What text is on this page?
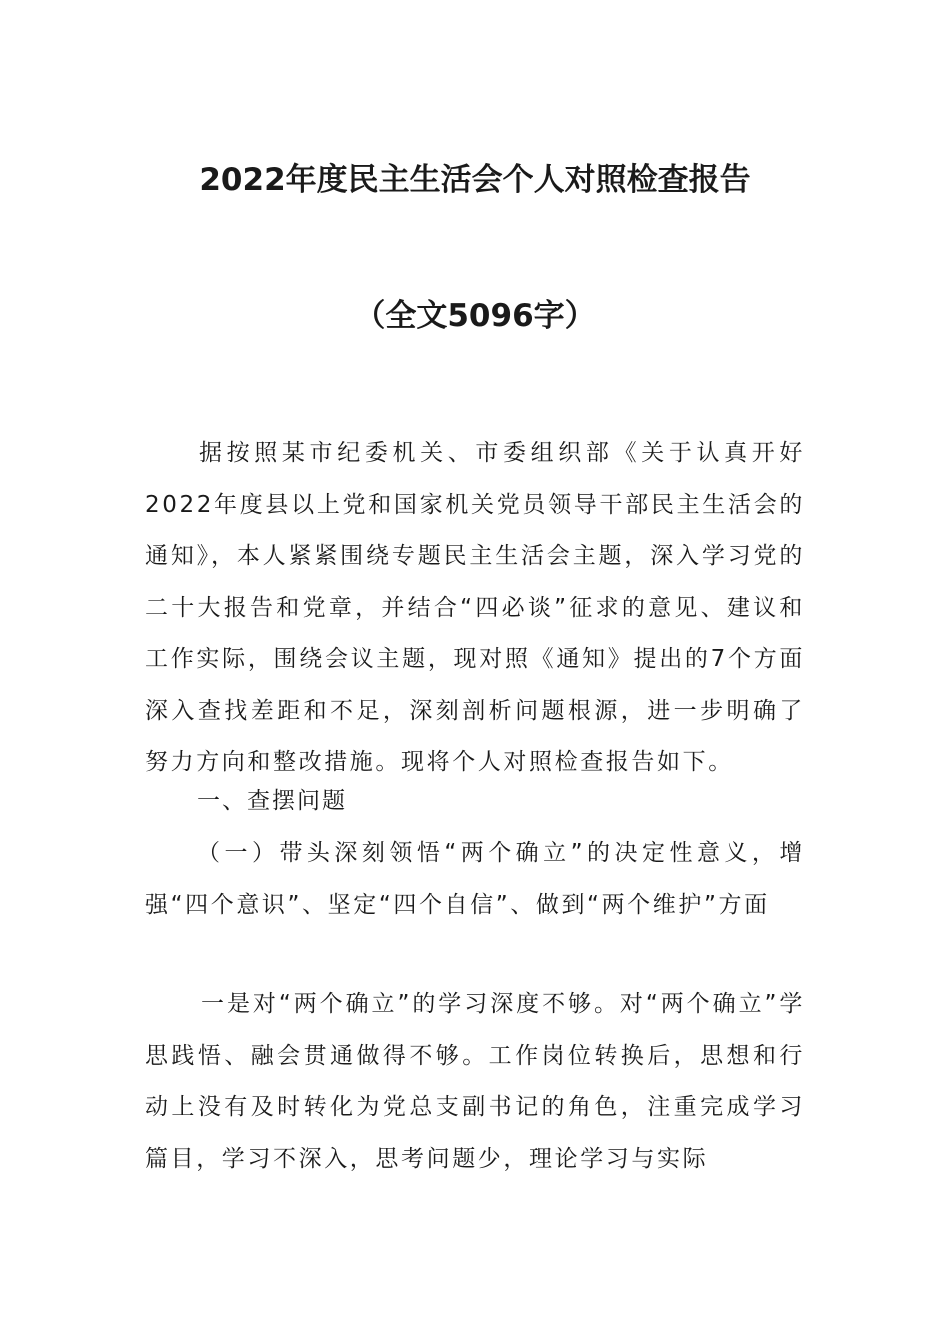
2022年度民主生活会个人对照检查报告
（全文5096字）

据按照某市纪委机关、市委组织部《关于认真开好2022年度县以上党和国家机关党员领导干部民主生活会的通知》，本人紧紧围绕专题民主生活会主题，深入学习党的二十大报告和党章，并结合“四必谈”征求的意见、建议和工作实际，围绕会议主题，现对照《通知》提出的7个方面深入查找差距和不足，深刻剖析问题根源，进一步明确了努力方向和整改措施。现将个人对照检查报告如下。

一、查摆问题

（一）带头深刻领悟“两个确立”的决定性意义，增强“四个意识”、坚定“四个自信”、做到“两个维护”方面

一是对“两个确立”的学习深度不够。对“两个确立”学思践悟、融会贯通做得不够。工作岗位转换后，思想和行动上没有及时转化为党总支副书记的角色，注重完成学习篇目，学习不深入，思考问题少，理论学习与实际
